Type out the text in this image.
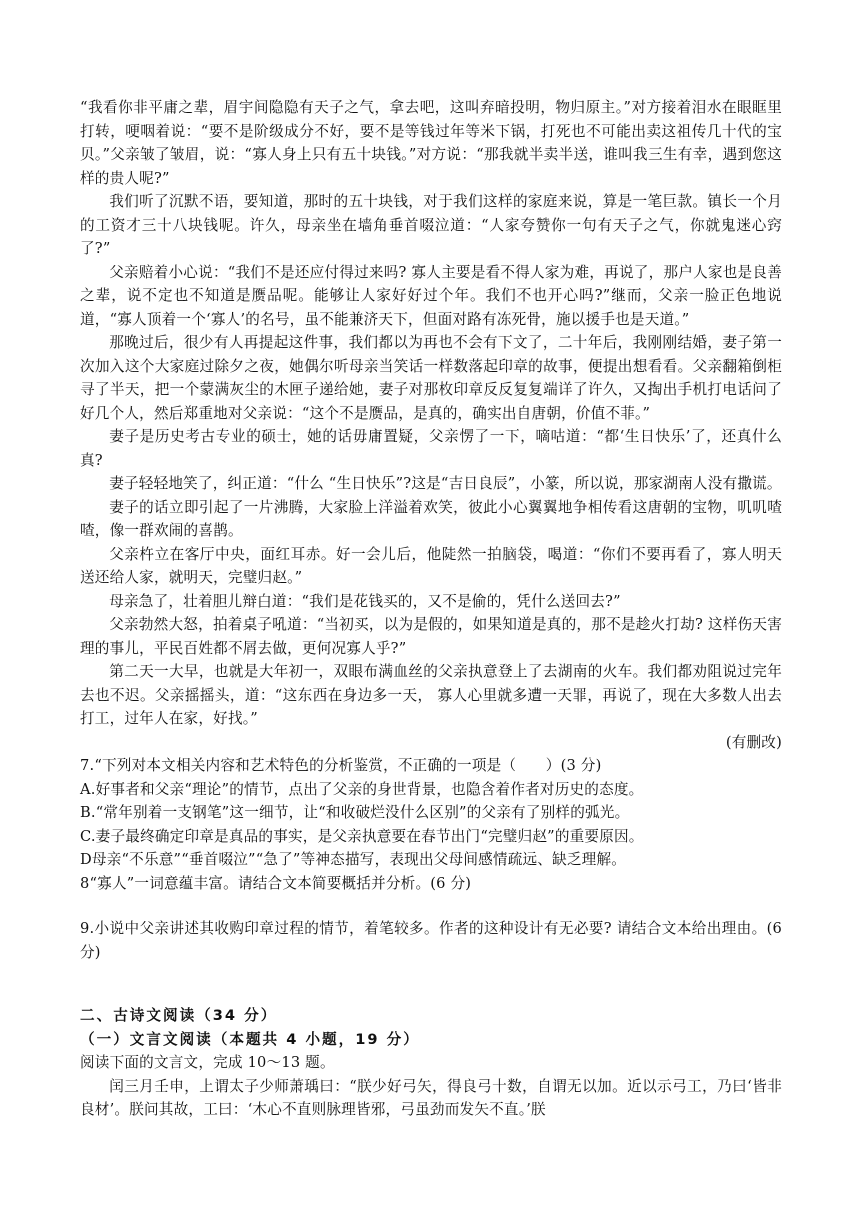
“我看你非平庸之辈，眉宇间隐隐有天子之气，拿去吧，这叫弃暗投明，物归原主。”对方接着泪水在眼眶里打转，哽咽着说：“要不是阶级成分不好，要不是等钱过年等米下锅，打死也不可能出卖这祖传几十代的宝贝。”父亲皱了皱眉，说：“寡人身上只有五十块钱。”对方说：“那我就半卖半送，谁叫我三生有幸，遇到您这样的贵人呢?”

我们听了沉默不语，要知道，那时的五十块钱，对于我们这样的家庭来说，算是一笔巨款。镇长一个月的工资才三十八块钱呢。许久，母亲坐在墙角垂首啜泣道：“人家夸赞你一句有天子之气，你就鬼迷心窍了?”

父亲赔着小心说：“我们不是还应付得过来吗? 寡人主要是看不得人家为难，再说了，那户人家也是良善之辈，说不定也不知道是赝品呢。能够让人家好好过个年。我们不也开心吗?”继而，父亲一脸正色地说道，“寡人顶着一个‘寡人’的名号，虽不能兼济天下，但面对路有冻死骨，施以援手也是天道。”

那晚过后，很少有人再提起这件事，我们都以为再也不会有下文了，二十年后，我刚刚结婚，妻子第一次加入这个大家庭过除夕之夜，她偶尔听母亲当笑话一样数落起印章的故事，便提出想看看。父亲翻箱倒柜寻了半天，把一个蒙满灰尘的木匣子递给她，妻子对那枚印章反反复复端详了许久，又掏出手机打电话问了好几个人，然后郑重地对父亲说：“这个不是赝品，是真的，确实出自唐朝，价值不菲。”

妻子是历史考古专业的硕士，她的话毋庸置疑，父亲愣了一下，嘀咕道：“都‘生日快乐’了，还真什么真?

妻子轻轻地笑了，纠正道：“什么 “生日快乐”?这是“吉日良辰”，小篆，所以说，那家湖南人没有撒谎。

妻子的话立即引起了一片沸腾，大家脸上洋溢着欢笑，彼此小心翼翼地争相传看这唐朝的宝物，叽叽喳喳，像一群欢闹的喜鹊。

父亲杵立在客厅中央，面红耳赤。好一会儿后，他陡然一拍脑袋，喝道：“你们不要再看了，寡人明天送还给人家，就明天，完璧归赵。”

母亲急了，壮着胆儿辩白道：“我们是花钱买的，又不是偷的，凭什么送回去?”

父亲勃然大怒，拍着桌子吼道：“当初买，以为是假的，如果知道是真的，那不是趁火打劫? 这样伤天害理的事儿，平民百姓都不屑去做，更何况寡人乎?”

第二天一大早，也就是大年初一，双眼布满血丝的父亲执意登上了去湖南的火车。我们都劝阻说过完年去也不迟。父亲摇摇头，道：“这东西在身边多一天， 寡人心里就多遭一天罪，再说了，现在大多数人出去打工，过年人在家，好找。”

(有删改)

7.“下列对本文相关内容和艺术特色的分析鉴赏，不正确的一项是（　　）(3 分)

A.好事者和父亲“理论”的情节，点出了父亲的身世背景，也隐含着作者对历史的态度。

B.“常年别着一支钢笔”这一细节，让“和收破烂没什么区别”的父亲有了别样的弧光。

C.妻子最终确定印章是真品的事实，是父亲执意要在春节出门“完璧归赵”的重要原因。

D母亲“不乐意”“垂首啜泣”“急了”等神态描写，表现出父母间感情疏远、缺乏理解。

8“寡人”一词意蕴丰富。请结合文本简要概括并分析。(6 分)

9.小说中父亲讲述其收购印章过程的情节，着笔较多。作者的这种设计有无必要? 请结合文本给出理由。(6 分)

二、古诗文阅读（34 分）

（一）文言文阅读（本题共 4 小题，19 分）

阅读下面的文言文，完成 10～13 题。

闰三月壬申，上谓太子少师萧瑀曰：“朕少好弓矢，得良弓十数，自谓无以加。近以示弓工，乃曰‘皆非良材’。朕问其故，工曰：‘木心不直则脉理皆邪，弓虽劲而发矢不直。’朕
